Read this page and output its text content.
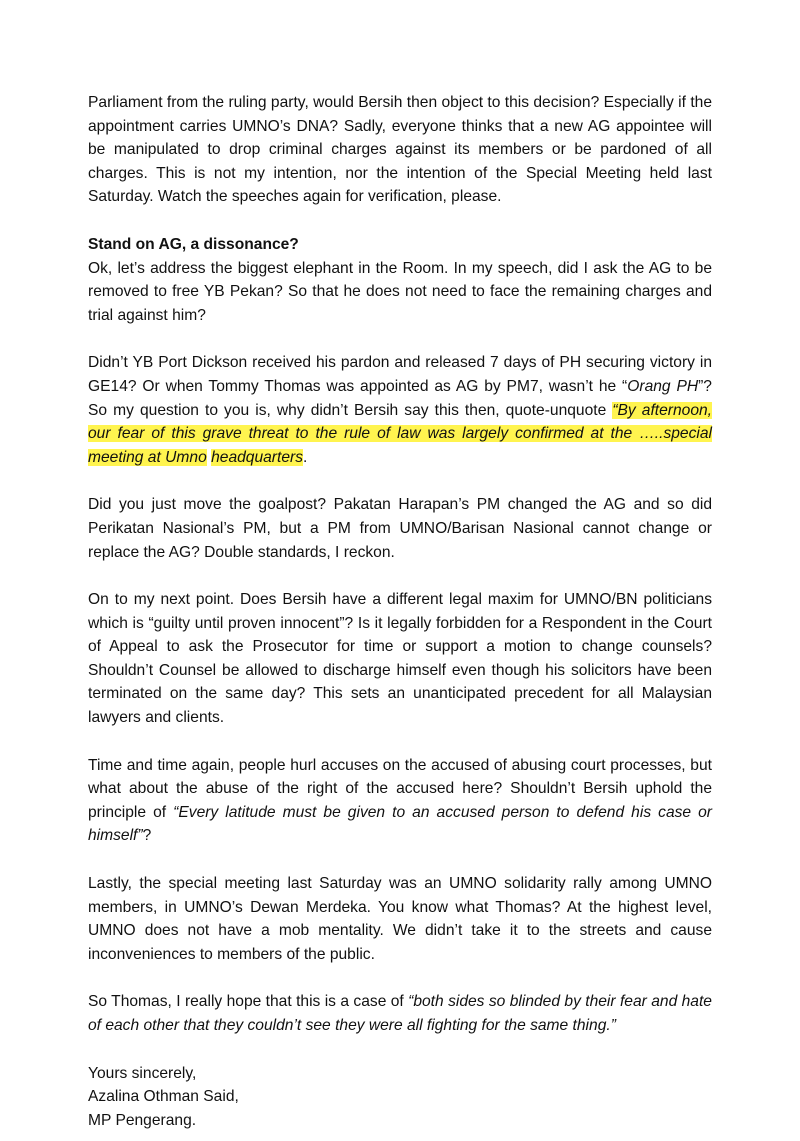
Parliament from the ruling party, would Bersih then object to this decision? Especially if the appointment carries UMNO’s DNA? Sadly, everyone thinks that a new AG appointee will be manipulated to drop criminal charges against its members or be pardoned of all charges. This is not my intention, nor the intention of the Special Meeting held last Saturday. Watch the speeches again for verification, please.

Stand on AG, a dissonance?

Ok, let’s address the biggest elephant in the Room. In my speech, did I ask the AG to be removed to free YB Pekan? So that he does not need to face the remaining charges and trial against him?

Didn’t YB Port Dickson received his pardon and released 7 days of PH securing victory in GE14? Or when Tommy Thomas was appointed as AG by PM7, wasn’t he “Orang PH”? So my question to you is, why didn’t Bersih say this then, quote-unquote “By afternoon, our fear of this grave threat to the rule of law was largely confirmed at the …..special meeting at Umno headquarters.

Did you just move the goalpost? Pakatan Harapan’s PM changed the AG and so did Perikatan Nasional’s PM, but a PM from UMNO/Barisan Nasional cannot change or replace the AG? Double standards, I reckon.

On to my next point. Does Bersih have a different legal maxim for UMNO/BN politicians which is “guilty until proven innocent”? Is it legally forbidden for a Respondent in the Court of Appeal to ask the Prosecutor for time or support a motion to change counsels? Shouldn’t Counsel be allowed to discharge himself even though his solicitors have been terminated on the same day? This sets an unanticipated precedent for all Malaysian lawyers and clients.

Time and time again, people hurl accuses on the accused of abusing court processes, but what about the abuse of the right of the accused here? Shouldn’t Bersih uphold the principle of “Every latitude must be given to an accused person to defend his case or himself”?

Lastly, the special meeting last Saturday was an UMNO solidarity rally among UMNO members, in UMNO’s Dewan Merdeka. You know what Thomas? At the highest level, UMNO does not have a mob mentality. We didn’t take it to the streets and cause inconveniences to members of the public.

So Thomas, I really hope that this is a case of “both sides so blinded by their fear and hate of each other that they couldn’t see they were all fighting for the same thing.”

Yours sincerely,

Azalina Othman Said,

MP Pengerang.
